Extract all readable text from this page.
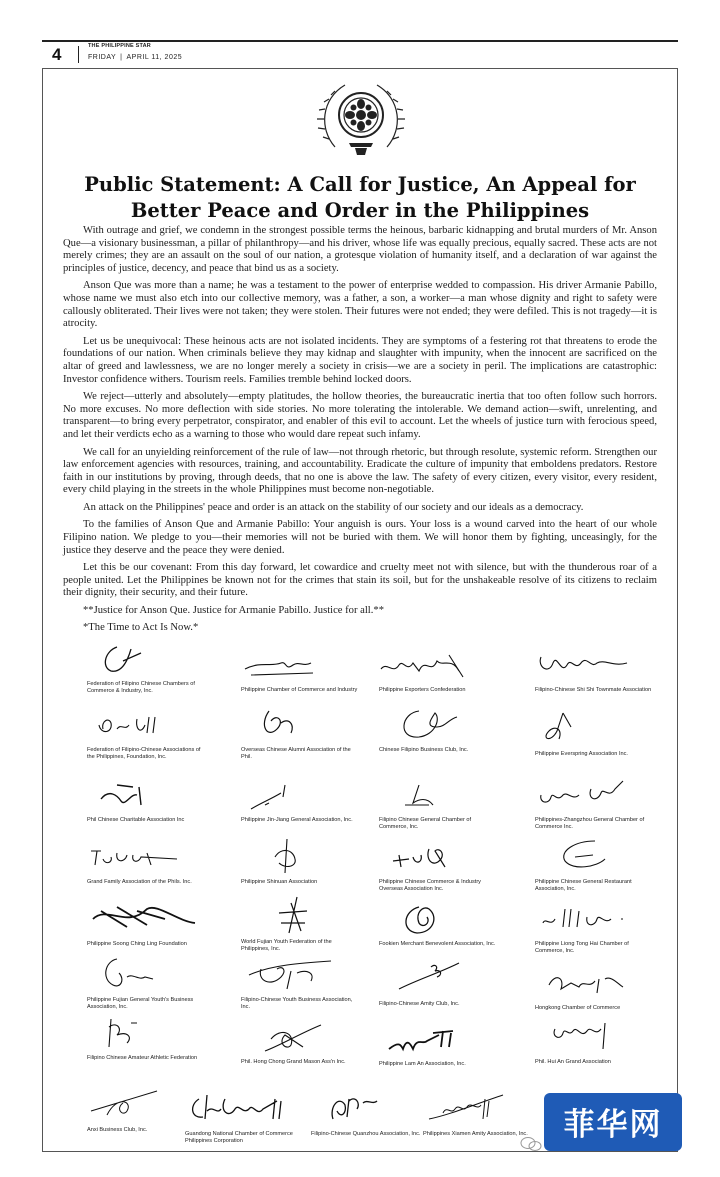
4	THE PHILIPPINE STAR
FRIDAY | APRIL 11, 2025
Public Statement: A Call for Justice, An Appeal for Better Peace and Order in the Philippines

With outrage and grief, we condemn in the strongest possible terms the heinous, barbaric kidnapping and brutal murders of Mr. Anson Que—a visionary businessman, a pillar of philanthropy—and his driver, whose life was equally precious, equally sacred. These acts are not merely crimes; they are an assault on the soul of our nation, a grotesque violation of humanity itself, and a declaration of war against the principles of justice, decency, and peace that bind us as a society.

Anson Que was more than a name; he was a testament to the power of enterprise wedded to compassion. His driver Armanie Pabillo, whose name we must also etch into our collective memory, was a father, a son, a worker—a man whose dignity and right to safety were callously obliterated. Their lives were not taken; they were stolen. Their futures were not ended; they were defiled. This is not tragedy—it is atrocity.

Let us be unequivocal: These heinous acts are not isolated incidents. They are symptoms of a festering rot that threatens to erode the foundations of our nation. When criminals believe they may kidnap and slaughter with impunity, when the innocent are sacrificed on the altar of greed and lawlessness, we are no longer merely a society in crisis—we are a society in peril. The implications are catastrophic: Investor confidence withers. Tourism reels. Families tremble behind locked doors.

We reject—utterly and absolutely—empty platitudes, the hollow theories, the bureaucratic inertia that too often follow such horrors. No more excuses. No more deflection with side stories. No more tolerating the intolerable. We demand action—swift, unrelenting, and transparent—to bring every perpetrator, conspirator, and enabler of this evil to account. Let the wheels of justice turn with ferocious speed, and let their verdicts echo as a warning to those who would dare repeat such infamy.

We call for an unyielding reinforcement of the rule of law—not through rhetoric, but through resolute, systemic reform. Strengthen our law enforcement agencies with resources, training, and accountability. Eradicate the culture of impunity that emboldens predators. Restore faith in our institutions by proving, through deeds, that no one is above the law. The safety of every citizen, every visitor, every resident, every child playing in the streets in the whole Philippines must become non-negotiable.

An attack on the Philippines' peace and order is an attack on the stability of our society and our ideals as a democracy.

To the families of Anson Que and Armanie Pabillo: Your anguish is ours. Your loss is a wound carved into the heart of our whole Filipino nation. We pledge to you—their memories will not be buried with them. We will honor them by fighting, unceasingly, for the justice they deserve and the peace they were denied.

Let this be our covenant: From this day forward, let cowardice and cruelty meet not with silence, but with the thunderous roar of a people united. Let the Philippines be known not for the crimes that stain its soil, but for the unshakeable resolve of its citizens to reclaim their dignity, their security, and their future.

**Justice for Anson Que. Justice for Armanie Pabillo. Justice for all.**

*The Time to Act Is Now.*

Federation of Filipino Chinese Chambers of Commerce & Industry, Inc.	Philippine Chamber of Commerce and Industry	Philippine Exporters Confederation	Filipino-Chinese Shi Shi Townmate Association
Federation of Filipino-Chinese Associations of the Philippines, Foundation, Inc.
Overseas Chinese Alumni Association of the Phil.
Chinese Filipino Business Club, Inc.
Philippine Everspring Association Inc.
Phil Chinese Charitable Association Inc	Philippine Jin-Jiang General Association, Inc.	Filipino Chinese General Chamber of Commerce, Inc.
Philippines-Zhangzhou General Chamber of Commerce Inc.
Grand Family Association of the Phils. Inc.	Philippine Shinuan Association	Philippine Chinese Commerce & Industry Overseas Association Inc.
Philippine Chinese General Restaurant Association, Inc.
Philippine Soong Ching Ling Foundation	World Fujian Youth Federation of the Philippines, Inc.
Fookien Merchant Benevolent Association, Inc.	Philippine Liong Tong Hai Chamber of Commerce, Inc.
Philippine Fujian General Youth's Business Association, Inc.
Filipino-Chinese Youth Business Association, Inc.	Filipino-Chinese Amity Club, Inc.
Hongkong Chamber of Commerce
Filipino Chinese Amateur Athletic Federation
Phil. Hong Chong Grand Mason Ass'n Inc.	Philippine Lam An Association, Inc.	Phil. Hui An Grand Association
Anxi Business Club, Inc.
Guandong National Chamber of Commerce Philippines Corporation
Filipino-Chinese Quanzhou Association, Inc. Philippines Xiamen Amity Association, Inc.	菲华网
